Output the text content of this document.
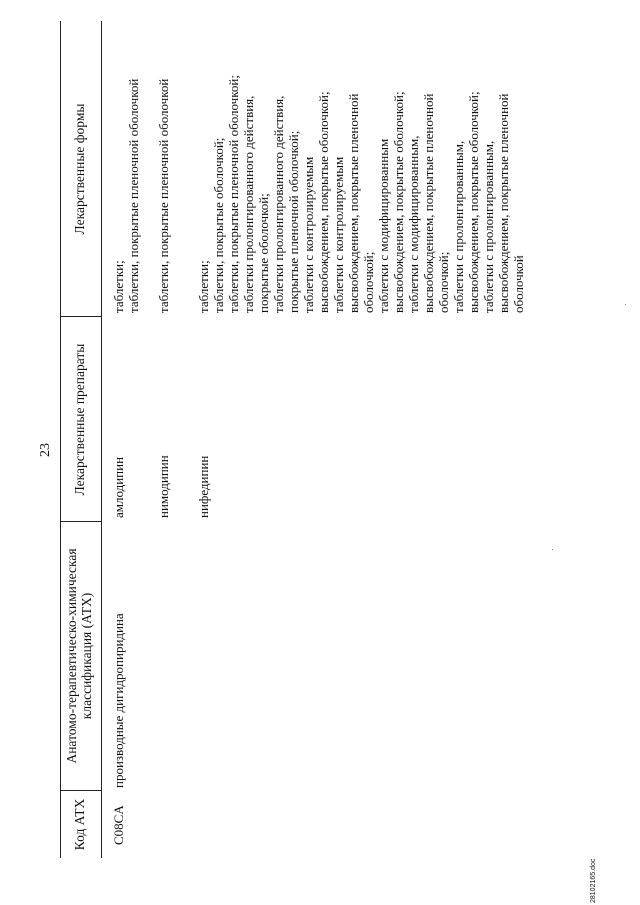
23
Код АТХ
Анатомо-терапевтическо-химическая классификация (АТХ)
Лекарственные препараты
Лекарственные формы
C08CA
производные дигидропиридина
амлодипин
таблетки; таблетки, покрытые пленочной оболочкой
нимодипин
таблетки, покрытые пленочной оболочкой
нифедипин
таблетки; таблетки, покрытые оболочкой; таблетки, покрытые пленочной оболочкой; таблетки пролонгированного действия, покрытые оболочкой; таблетки пролонгированного действия, покрытые пленочной оболочкой; таблетки с контролируемым высвобождением, покрытые оболочкой; таблетки с контролируемым высвобождением, покрытые пленочной оболочкой; таблетки с модифицированным высвобождением, покрытые оболочкой; таблетки с модифицированным, высвобождением, покрытые пленочной оболочкой; таблетки с пролонгированным, высвобождением, покрытые оболочкой; таблетки с пролонгированным, высвобождением, покрытые пленочной оболочкой
28102165.doc
